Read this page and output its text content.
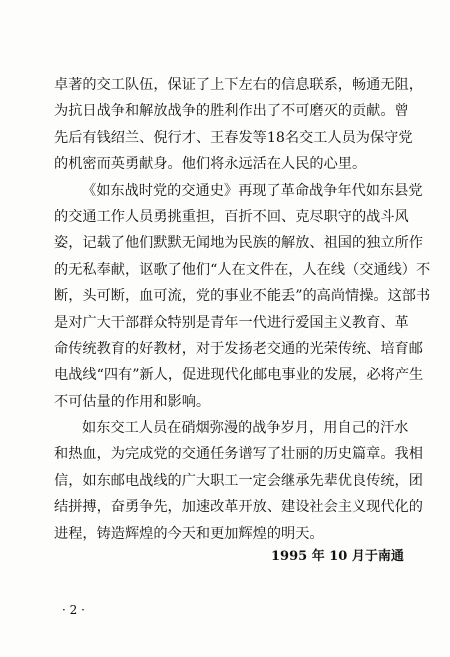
卓著的交工队伍，保证了上下左右的信息联系，畅通无阻，
为抗日战争和解放战争的胜利作出了不可磨灭的贡献。曾
先后有钱绍兰、倪行才、王春发等18名交工人员为保守党
的机密而英勇献身。他们将永远活在人民的心里。
《如东战时党的交通史》再现了革命战争年代如东县党
的交通工作人员勇挑重担，百折不回、克尽职守的战斗风
姿，记载了他们默默无闻地为民族的解放、祖国的独立所作
的无私奉献，讴歌了他们“人在文件在，人在线（交通线）不
断，头可断，血可流，党的事业不能丢”的高尚情操。这部书
是对广大干部群众特别是青年一代进行爱国主义教育、革
命传统教育的好教材，对于发扬老交通的光荣传统、培育邮
电战线“四有”新人，促进现代化邮电事业的发展，必将产生
不可估量的作用和影响。
如东交工人员在硝烟弥漫的战争岁月，用自己的汗水
和热血，为完成党的交通任务谱写了壮丽的历史篇章。我相
信，如东邮电战线的广大职工一定会继承先辈优良传统，团
结拼搏，奋勇争先，加速改革开放、建设社会主义现代化的
进程，铸造辉煌的今天和更加辉煌的明天。
1995 年 10 月于南通
· 2 ·
